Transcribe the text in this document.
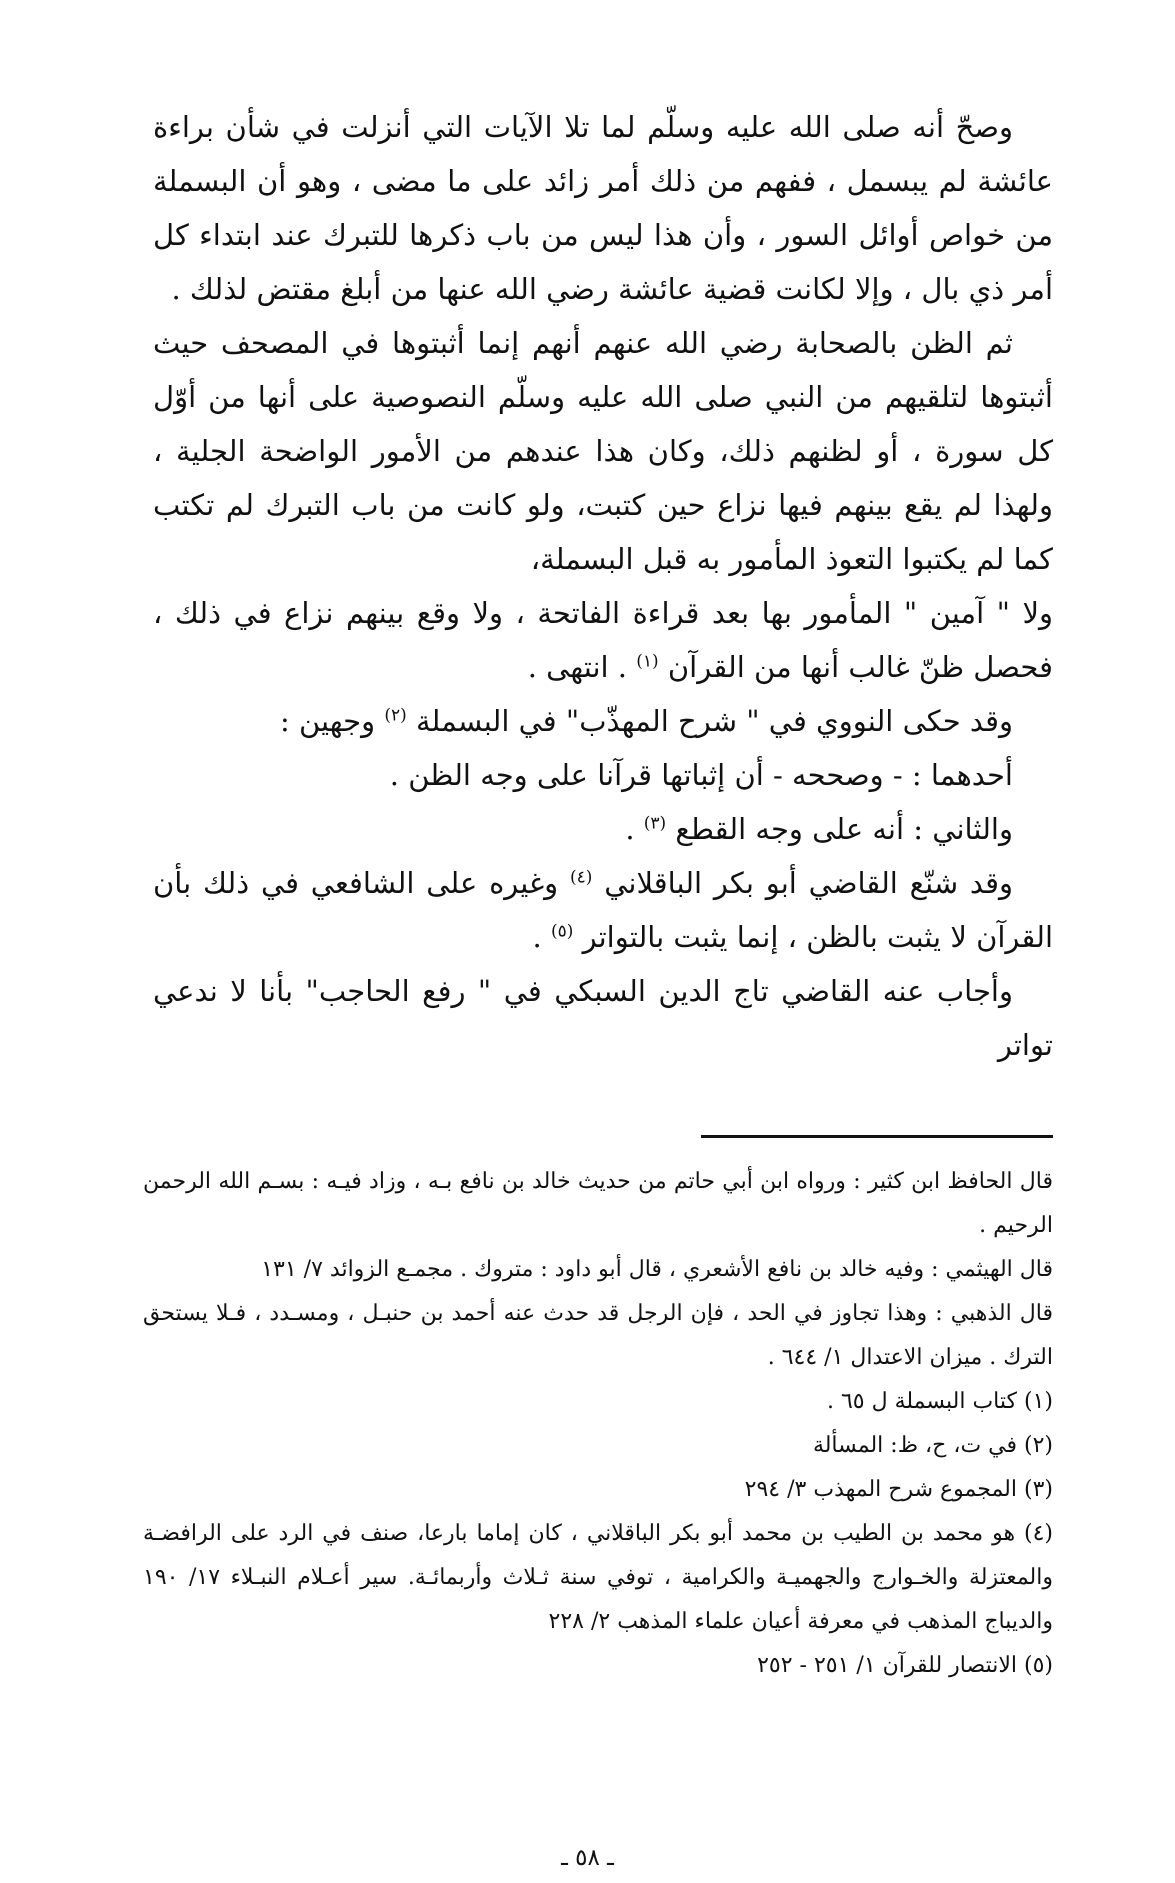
وصحّ أنه صلى الله عليه وسلّم لما تلا الآيات التي أنزلت في شأن براءة عائشة لم يبسمل ، ففهم من ذلك أمر زائد على ما مضى ، وهو أن البسملة من خواص أوائل السور ، وأن هذا ليس من باب ذكرها للتبرك عند ابتداء كل أمر ذي بال ، وإلا لكانت قضية عائشة رضي الله عنها من أبلغ مقتض لذلك .

ثم الظن بالصحابة رضي الله عنهم أنهم إنما أثبتوها في المصحف حيث أثبتوها لتلقيهم من النبي صلى الله عليه وسلّم النصوصية على أنها من أوّل كل سورة ، أو لظنهم ذلك، وكان هذا عندهم من الأمور الواضحة الجلية ، ولهذا لم يقع بينهم فيها نزاع حين كتبت، ولو كانت من باب التبرك لم تكتب كما لم يكتبوا التعوذ المأمور به قبل البسملة،

ولا " آمين " المأمور بها بعد قراءة الفاتحة ، ولا وقع بينهم نزاع في ذلك ، فحصل ظنّ غالب أنها من القرآن $^{(١)}$ . انتهى .

وقد حكى النووي في " شرح المهذّب" في البسملة $^{(٢)}$ وجهين :

أحدهما : - وصححه - أن إثباتها قرآنا على وجه الظن .

والثاني : أنه على وجه القطع $^{(٣)}$ .

وقد شنّع القاضي أبو بكر الباقلاني $^{(٤)}$ وغيره على الشافعي في ذلك بأن القرآن لا يثبت بالظن ، إنما يثبت بالتواتر $^{(٥)}$ .

وأجاب عنه القاضي تاج الدين السبكي في " رفع الحاجب" بأنا لا ندعي تواتر

قال الحافظ ابن كثير : ورواه ابن أبي حاتم من حديث خالد بن نافع بـه ، وزاد فيـه : بسـم الله الرحمن الرحيم .

قال الهيثمي : وفيه خالد بن نافع الأشعري ، قال أبو داود : متروك . مجمـع الزوائد ٧/ ١٣١

قال الذهبي : وهذا تجاوز في الحد ، فإن الرجل قد حدث عنه أحمد بن حنبـل ، ومسـدد ، فـلا يستحق الترك . ميزان الاعتدال ١/ ٦٤٤ .

(١) كتاب البسملة ل ٦٥ .

(٢) في ت، ح، ظ: المسألة

(٣) المجموع شرح المهذب ٣/ ٢٩٤

(٤) هو محمد بن الطيب بن محمد أبو بكر الباقلاني ، كان إماما بارعا، صنف في الرد على الرافضـة والمعتزلة والخـوارج والجهميـة والكرامية ، توفي سنة ثـلاث وأربمائـة. سير أعـلام النبـلاء ١٧/ ١٩٠ والديباج المذهب في معرفة أعيان علماء المذهب ٢/ ٢٢٨

(٥) الانتصار للقرآن ١/ ٢٥١ - ٢٥٢

ـ ٥٨ ـ
